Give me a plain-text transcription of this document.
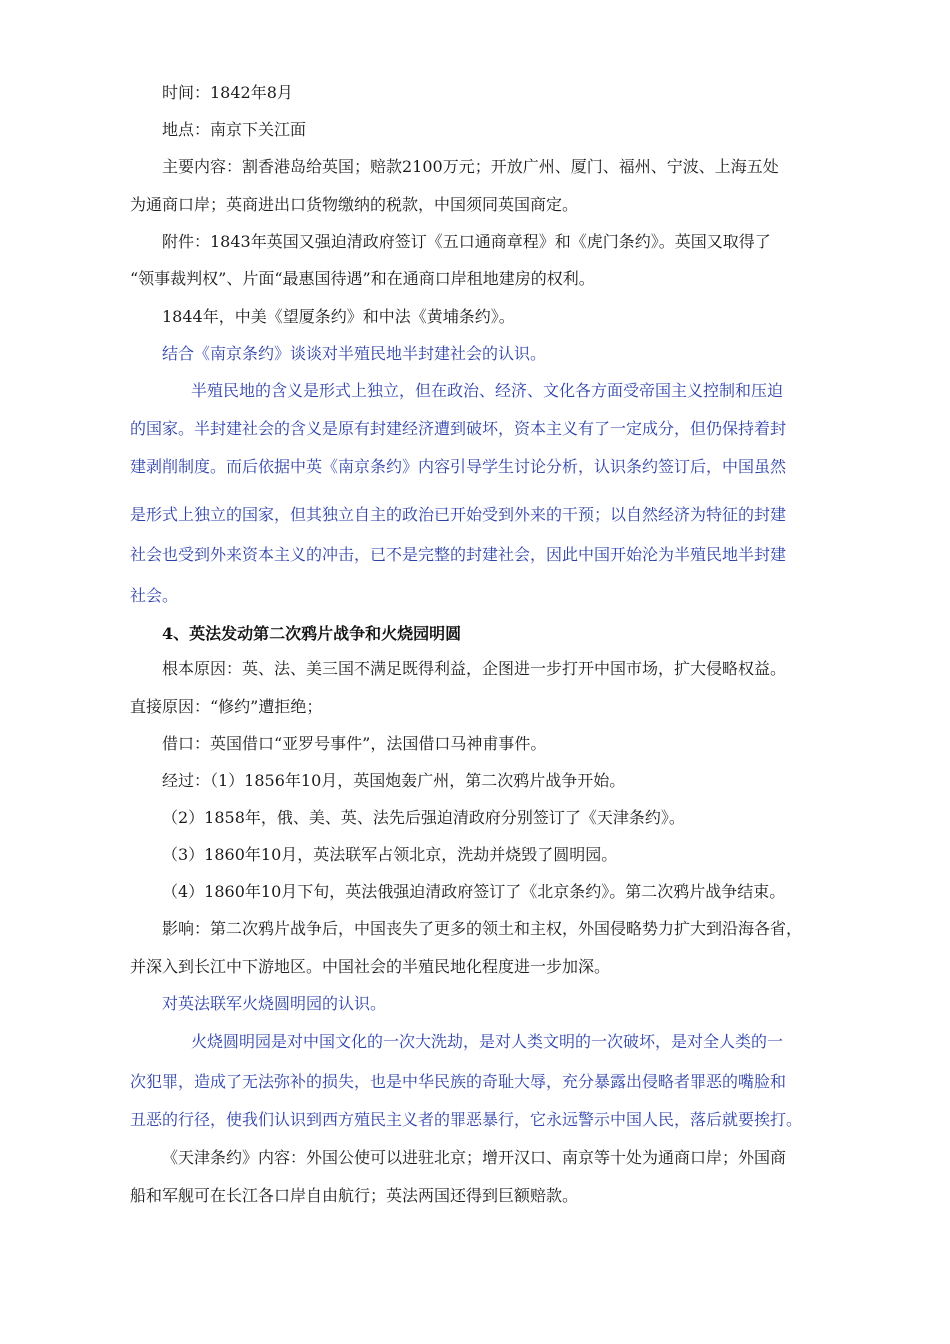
时间：1842年8月

地点：南京下关江面

主要内容：割香港岛给英国；赔款2100万元；开放广州、厦门、福州、宁波、上海五处

为通商口岸；英商进出口货物缴纳的税款，中国须同英国商定。

附件：1843年英国又强迫清政府签订《五口通商章程》和《虎门条约》。英国又取得了

“领事裁判权”、片面“最惠国待遇”和在通商口岸租地建房的权利。

1844年，中美《望厦条约》和中法《黄埔条约》。

结合《南京条约》谈谈对半殖民地半封建社会的认识。

半殖民地的含义是形式上独立，但在政治、经济、文化各方面受帝国主义控制和压迫

的国家。半封建社会的含义是原有封建经济遭到破坏，资本主义有了一定成分，但仍保持着封

建剥削制度。而后依据中英《南京条约》内容引导学生讨论分析，认识条约签订后，中国虽然

是形式上独立的国家，但其独立自主的政治已开始受到外来的干预；以自然经济为特征的封建

社会也受到外来资本主义的冲击，已不是完整的封建社会，因此中国开始沦为半殖民地半封建

社会。

4、英法发动第二次鸦片战争和火烧园明圆

根本原因：英、法、美三国不满足既得利益，企图进一步打开中国市场，扩大侵略权益。

直接原因：“修约”遭拒绝；

借口：英国借口“亚罗号事件”，法国借口马神甫事件。

经过：（1）1856年10月，英国炮轰广州，第二次鸦片战争开始。

（2）1858年，俄、美、英、法先后强迫清政府分别签订了《天津条约》。

（3）1860年10月，英法联军占领北京，洗劫并烧毁了圆明园。

（4）1860年10月下旬，英法俄强迫清政府签订了《北京条约》。第二次鸦片战争结束。

影响：第二次鸦片战争后，中国丧失了更多的领土和主权，外国侵略势力扩大到沿海各省，

并深入到长江中下游地区。中国社会的半殖民地化程度进一步加深。

对英法联军火烧圆明园的认识。

火烧圆明园是对中国文化的一次大洗劫，是对人类文明的一次破坏，是对全人类的一

次犯罪，造成了无法弥补的损失，也是中华民族的奇耻大辱，充分暴露出侵略者罪恶的嘴脸和

丑恶的行径，使我们认识到西方殖民主义者的罪恶暴行，它永远警示中国人民，落后就要挨打。

《天津条约》内容：外国公使可以进驻北京；增开汉口、南京等十处为通商口岸；外国商

船和军舰可在长江各口岸自由航行；英法两国还得到巨额赔款。
